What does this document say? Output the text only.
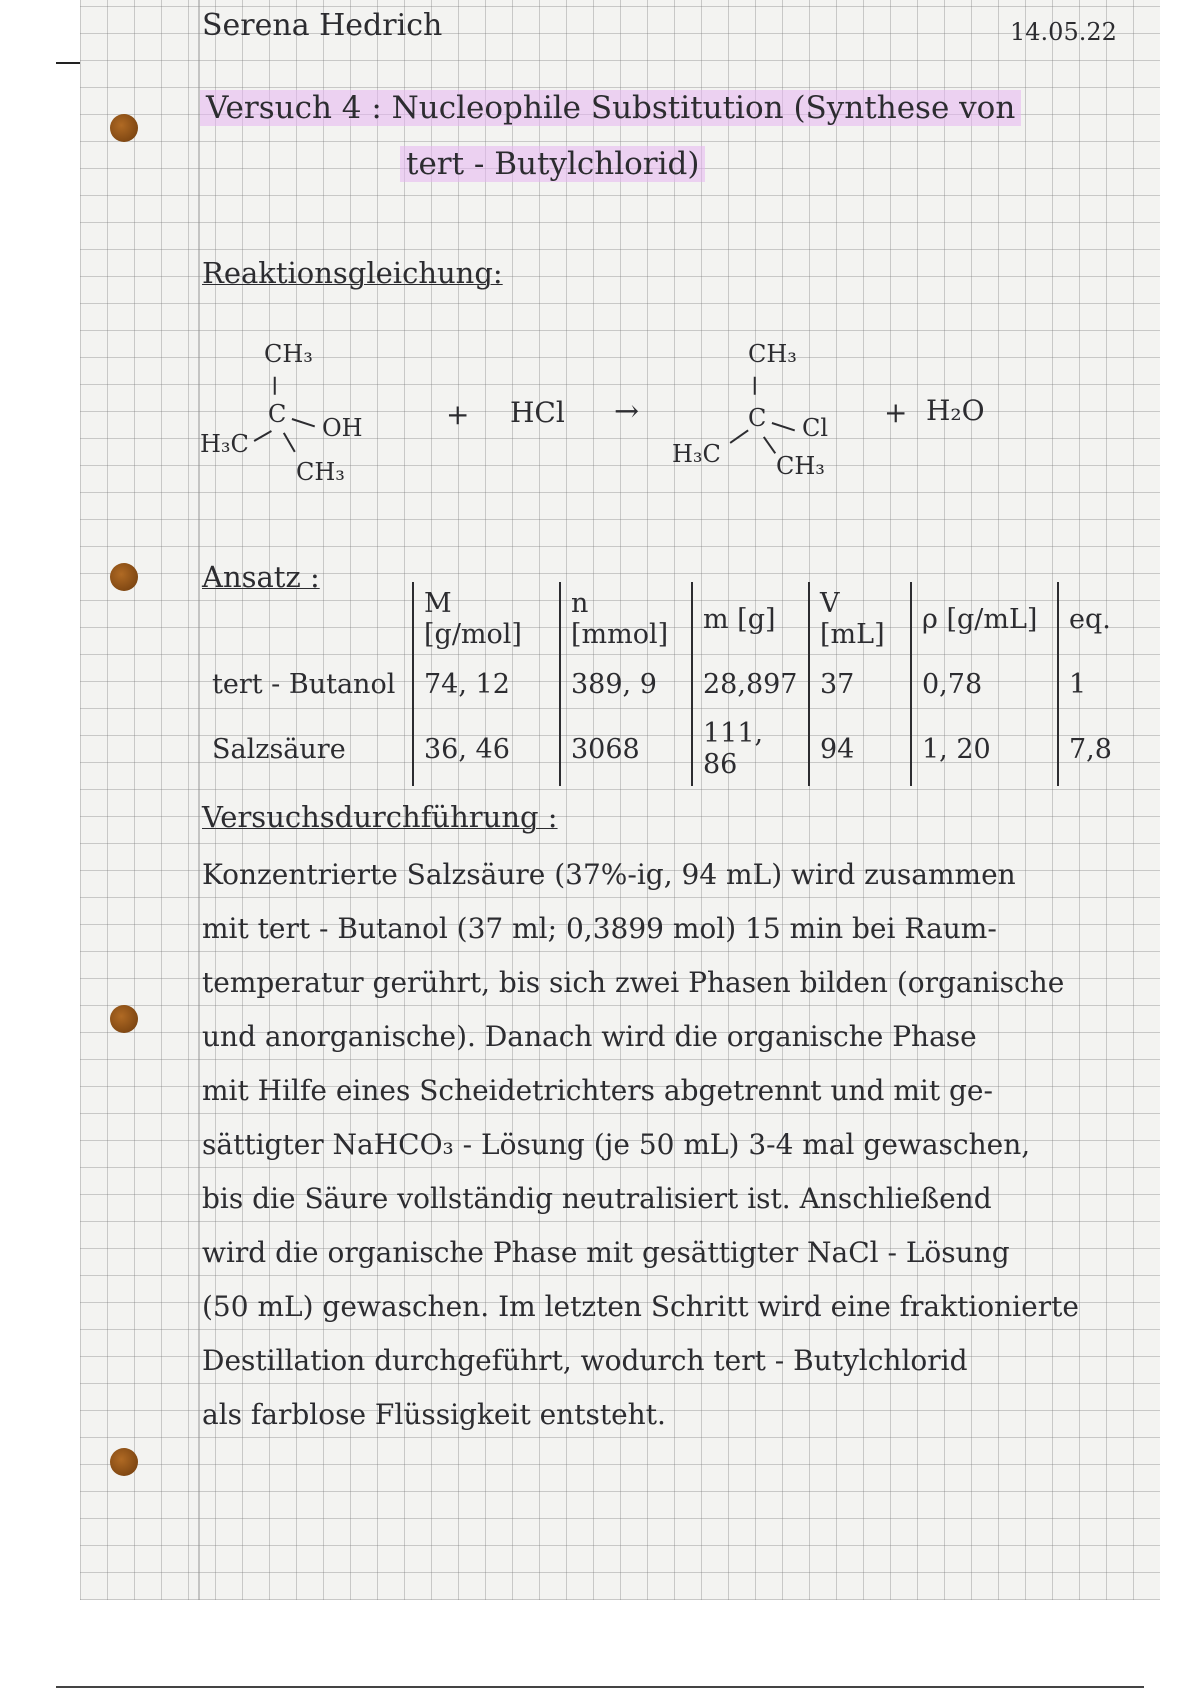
Serena Hedrich	14.05.22
Versuch 4 : Nucleophile Substitution (Synthese von
tert - Butylchlorid)
Reaktionsgleichung:
CH₃
C OH
H₃C
CH₃
+ HCl →
CH₃
C Cl
H₃C CH₃
+ H₂O
Ansatz :
	M [g/mol]	n [mmol]	m [g]	V [mL]	ρ [g/mL]	eq.
tert - Butanol	74, 12	389, 9	28,897	37	0,78	1
Salzsäure	36, 46	3068	111, 86	94	1, 20	7,8
Versuchsdurchführung :
Konzentrierte Salzsäure (37%-ig, 94 mL) wird zusammen
mit tert - Butanol (37 ml; 0,3899 mol) 15 min bei Raum-
temperatur gerührt, bis sich zwei Phasen bilden (organische
und anorganische). Danach wird die organische Phase
mit Hilfe eines Scheidetrichters abgetrennt und mit ge-
sättigter NaHCO₃ - Lösung (je 50 mL) 3-4 mal gewaschen,
bis die Säure vollständig neutralisiert ist. Anschließend
wird die organische Phase mit gesättigter NaCl - Lösung
(50 mL) gewaschen. Im letzten Schritt wird eine fraktionierte
Destillation durchgeführt, wodurch tert - Butylchlorid
als farblose Flüssigkeit entsteht.
